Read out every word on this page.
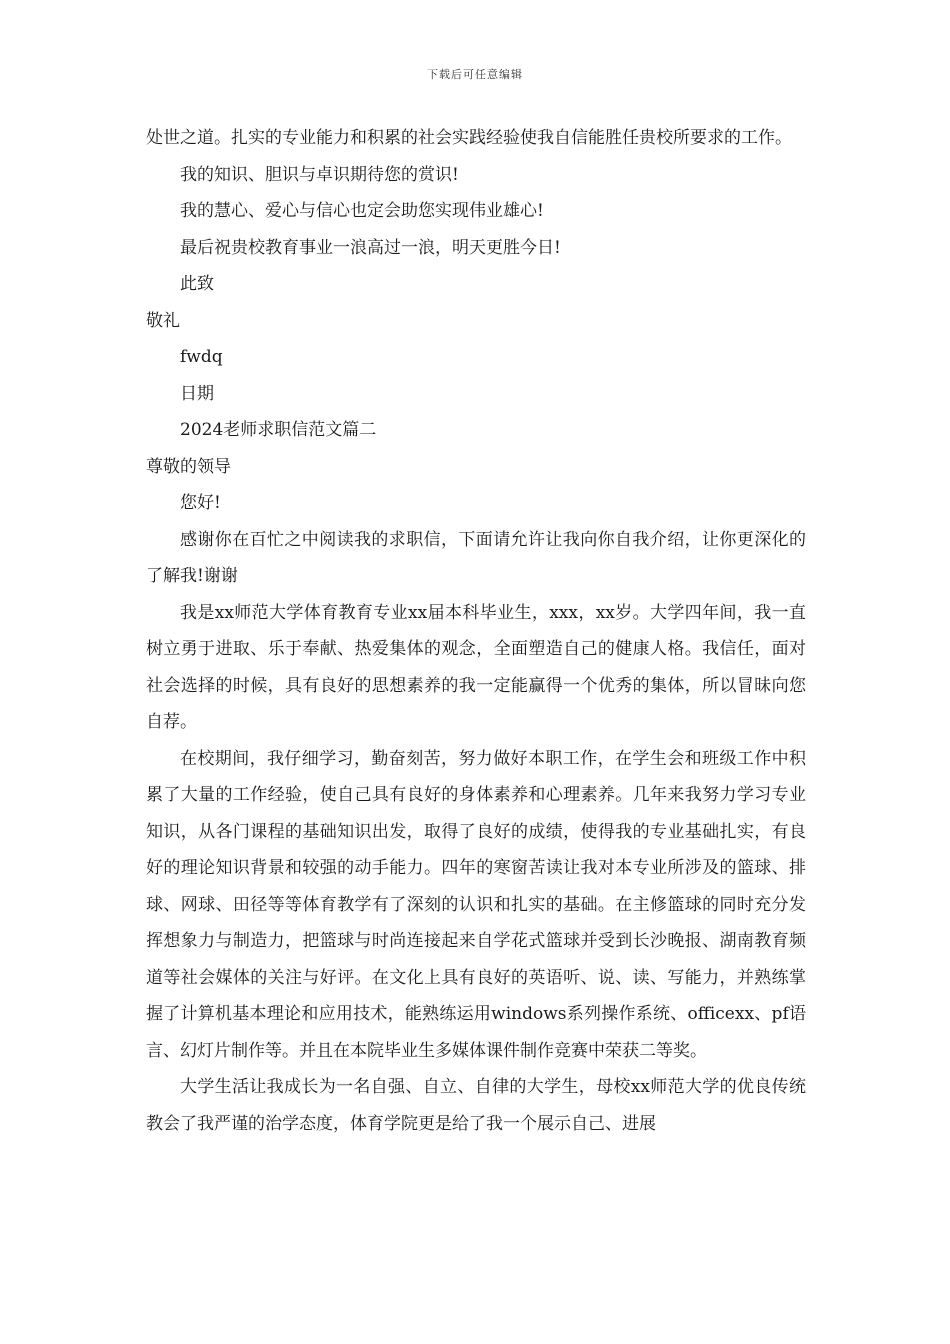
下载后可任意编辑

处世之道。扎实的专业能力和积累的社会实践经验使我自信能胜任贵校所要求的工作。

我的知识、胆识与卓识期待您的赏识!

我的慧心、爱心与信心也定会助您实现伟业雄心!

最后祝贵校教育事业一浪高过一浪，明天更胜今日!

此致

敬礼

fwdq

日期

2024老师求职信范文篇二

尊敬的领导

您好!

感谢你在百忙之中阅读我的求职信，下面请允许让我向你自我介绍，让你更深化的了解我!谢谢

我是xx师范大学体育教育专业xx届本科毕业生，xxx，xx岁。大学四年间，我一直树立勇于进取、乐于奉献、热爱集体的观念，全面塑造自己的健康人格。我信任，面对社会选择的时候，具有良好的思想素养的我一定能赢得一个优秀的集体，所以冒昧向您自荐。

在校期间，我仔细学习，勤奋刻苦，努力做好本职工作，在学生会和班级工作中积累了大量的工作经验，使自己具有良好的身体素养和心理素养。几年来我努力学习专业知识，从各门课程的基础知识出发，取得了良好的成绩，使得我的专业基础扎实，有良好的理论知识背景和较强的动手能力。四年的寒窗苦读让我对本专业所涉及的篮球、排球、网球、田径等等体育教学有了深刻的认识和扎实的基础。在主修篮球的同时充分发挥想象力与制造力，把篮球与时尚连接起来自学花式篮球并受到长沙晚报、湖南教育频道等社会媒体的关注与好评。在文化上具有良好的英语听、说、读、写能力，并熟练掌握了计算机基本理论和应用技术，能熟练运用windows系列操作系统、officexx、pf语言、幻灯片制作等。并且在本院毕业生多媒体课件制作竞赛中荣获二等奖。

大学生活让我成长为一名自强、自立、自律的大学生，母校xx师范大学的优良传统教会了我严谨的治学态度，体育学院更是给了我一个展示自己、进展
